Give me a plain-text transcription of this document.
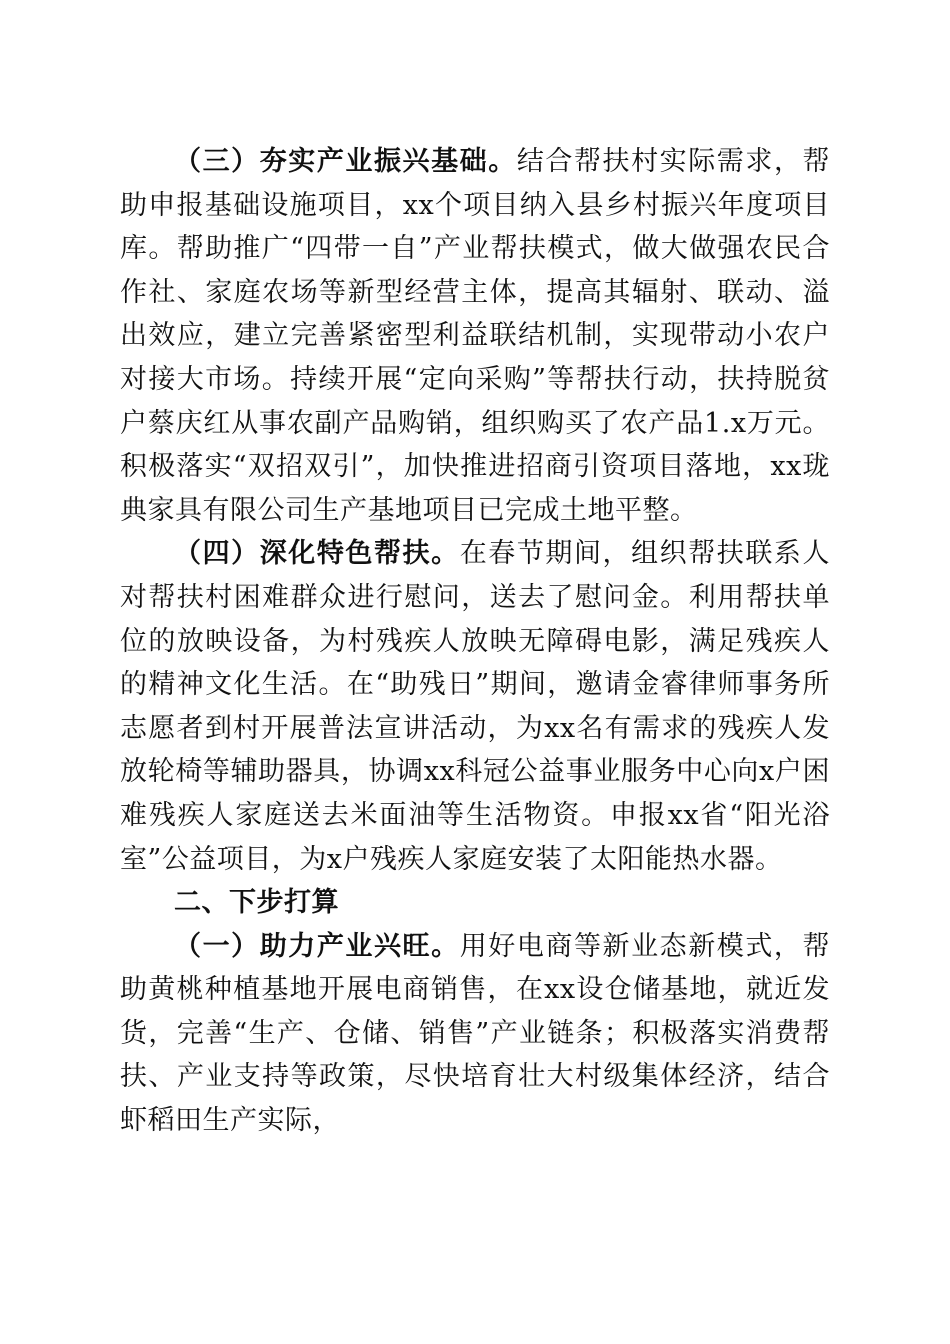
（三）夯实产业振兴基础。结合帮扶村实际需求，帮助申报基础设施项目，xx个项目纳入县乡村振兴年度项目库。帮助推广“四带一自”产业帮扶模式，做大做强农民合作社、家庭农场等新型经营主体，提高其辐射、联动、溢出效应，建立完善紧密型利益联结机制，实现带动小农户对接大市场。持续开展“定向采购”等帮扶行动，扶持脱贫户蔡庆红从事农副产品购销，组织购买了农产品1.x万元。积极落实“双招双引”，加快推进招商引资项目落地，xx珑典家具有限公司生产基地项目已完成土地平整。

（四）深化特色帮扶。在春节期间，组织帮扶联系人对帮扶村困难群众进行慰问，送去了慰问金。利用帮扶单位的放映设备，为村残疾人放映无障碍电影，满足残疾人的精神文化生活。在“助残日”期间，邀请金睿律师事务所志愿者到村开展普法宣讲活动，为xx名有需求的残疾人发放轮椅等辅助器具，协调xx科冠公益事业服务中心向x户困难残疾人家庭送去米面油等生活物资。申报xx省“阳光浴室”公益项目，为x户残疾人家庭安装了太阳能热水器。

二、下步打算

（一）助力产业兴旺。用好电商等新业态新模式，帮助黄桃种植基地开展电商销售，在xx设仓储基地，就近发货，完善“生产、仓储、销售”产业链条；积极落实消费帮扶、产业支持等政策，尽快培育壮大村级集体经济，结合虾稻田生产实际，
